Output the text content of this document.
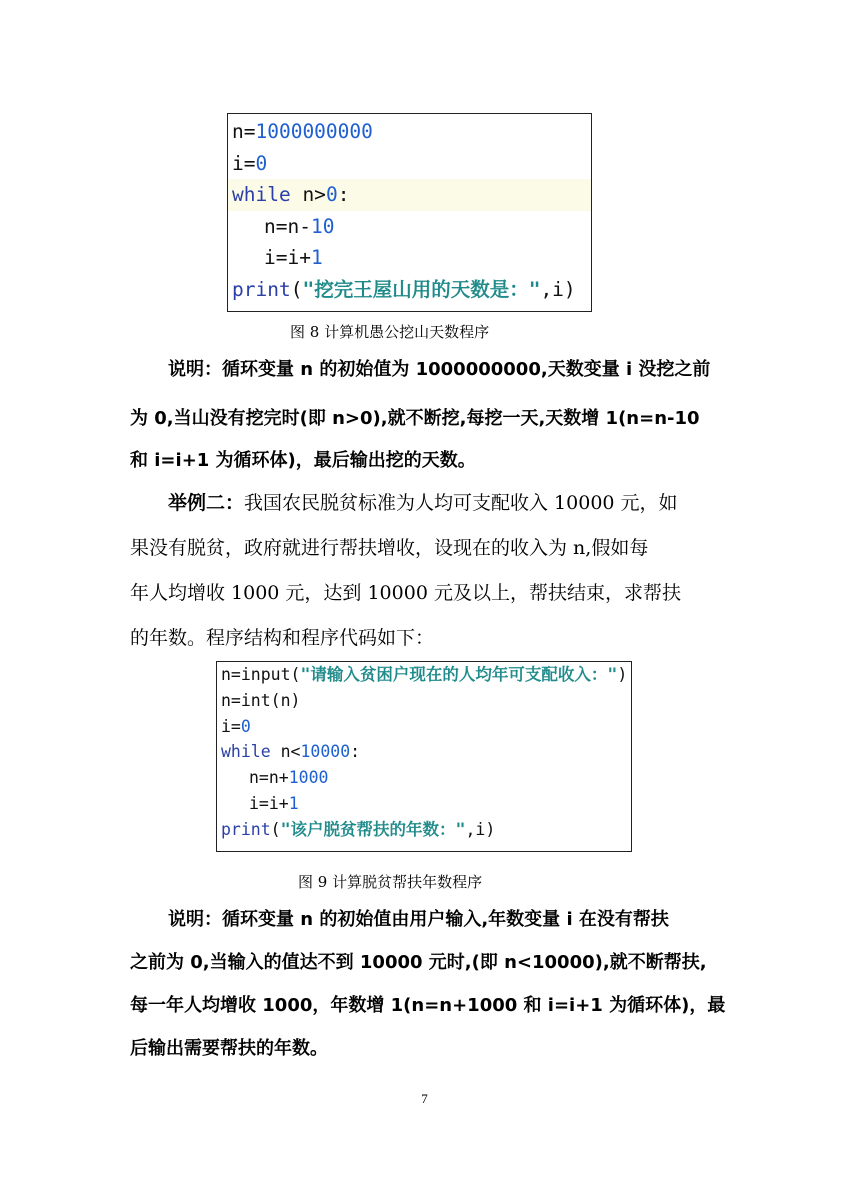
n=1000000000
i=0
while n>0:
n=n-10
i=i+1
print("挖完王屋山用的天数是：",i)
图 8 计算机愚公挖山天数程序
说明：循环变量 n 的初始值为 1000000000,天数变量 i 没挖之前
为 0,当山没有挖完时(即 n>0),就不断挖,每挖一天,天数增 1(n=n-10
和 i=i+1 为循环体)，最后输出挖的天数。
举例二：我国农民脱贫标准为人均可支配收入 10000 元，如
果没有脱贫，政府就进行帮扶增收，设现在的收入为 n,假如每
年人均增收 1000 元，达到 10000 元及以上，帮扶结束，求帮扶
的年数。程序结构和程序代码如下：
n=input("请输入贫困户现在的人均年可支配收入：")
n=int(n)
i=0
while n<10000:
n=n+1000
i=i+1
print("该户脱贫帮扶的年数：",i)
图 9 计算脱贫帮扶年数程序
说明：循环变量 n 的初始值由用户输入,年数变量 i 在没有帮扶
之前为 0,当输入的值达不到 10000 元时,(即 n<10000),就不断帮扶,
每一年人均增收 1000，年数增 1(n=n+1000 和 i=i+1 为循环体)，最
后输出需要帮扶的年数。
7
